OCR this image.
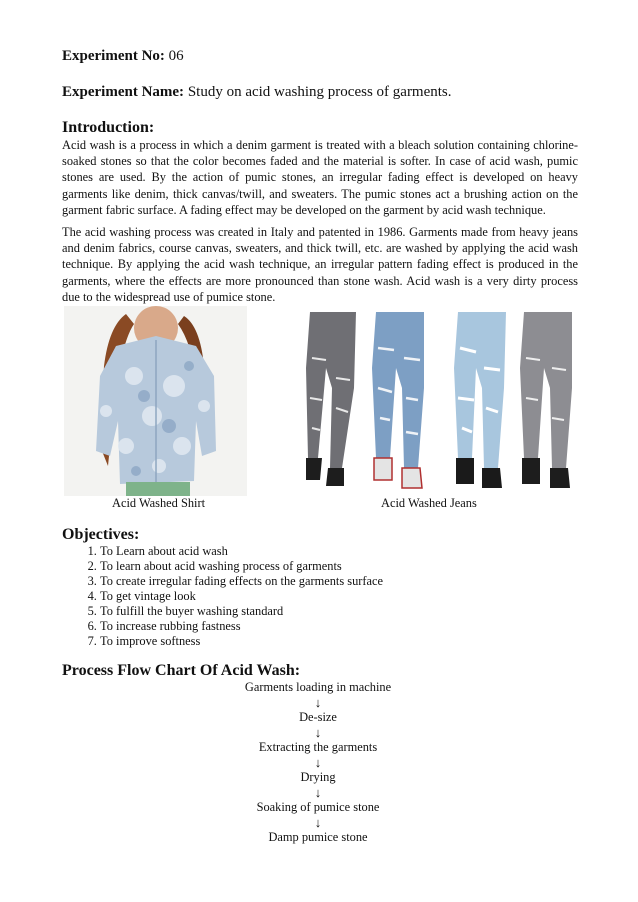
Experiment No: 06

Experiment Name: Study on acid washing process of garments.

Introduction:

Acid wash is a process in which a denim garment is treated with a bleach solution containing chlorine-soaked stones so that the color becomes faded and the material is softer. In case of acid wash, pumic stones are used. By the action of pumic stones, an irregular fading effect is developed on heavy garments like denim, thick canvas/twill, and sweaters. The pumic stones act a brushing action on the garment fabric surface. A fading effect may be developed on the garment by acid wash technique.

The acid washing process was created in Italy and patented in 1986. Garments made from heavy jeans and denim fabrics, course canvas, sweaters, and thick twill, etc. are washed by applying the acid wash technique. By applying the acid wash technique, an irregular pattern fading effect is produced in the garments, where the effects are more pronounced than stone wash. Acid wash is a very dirty process due to the widespread use of pumice stone.

Acid Washed Shirt	Acid Washed Jeans

Objectives:

1. To Learn about acid wash
2. To learn about acid washing process of garments
3. To create irregular fading effects on the garments surface
4. To get vintage look
5. To fulfill the buyer washing standard
6. To increase rubbing fastness
7. To improve softness

Process Flow Chart Of Acid Wash:

Garments loading in machine
↓
De-size
↓
Extracting the garments
↓
Drying
↓
Soaking of pumice stone
↓
Damp pumice stone
